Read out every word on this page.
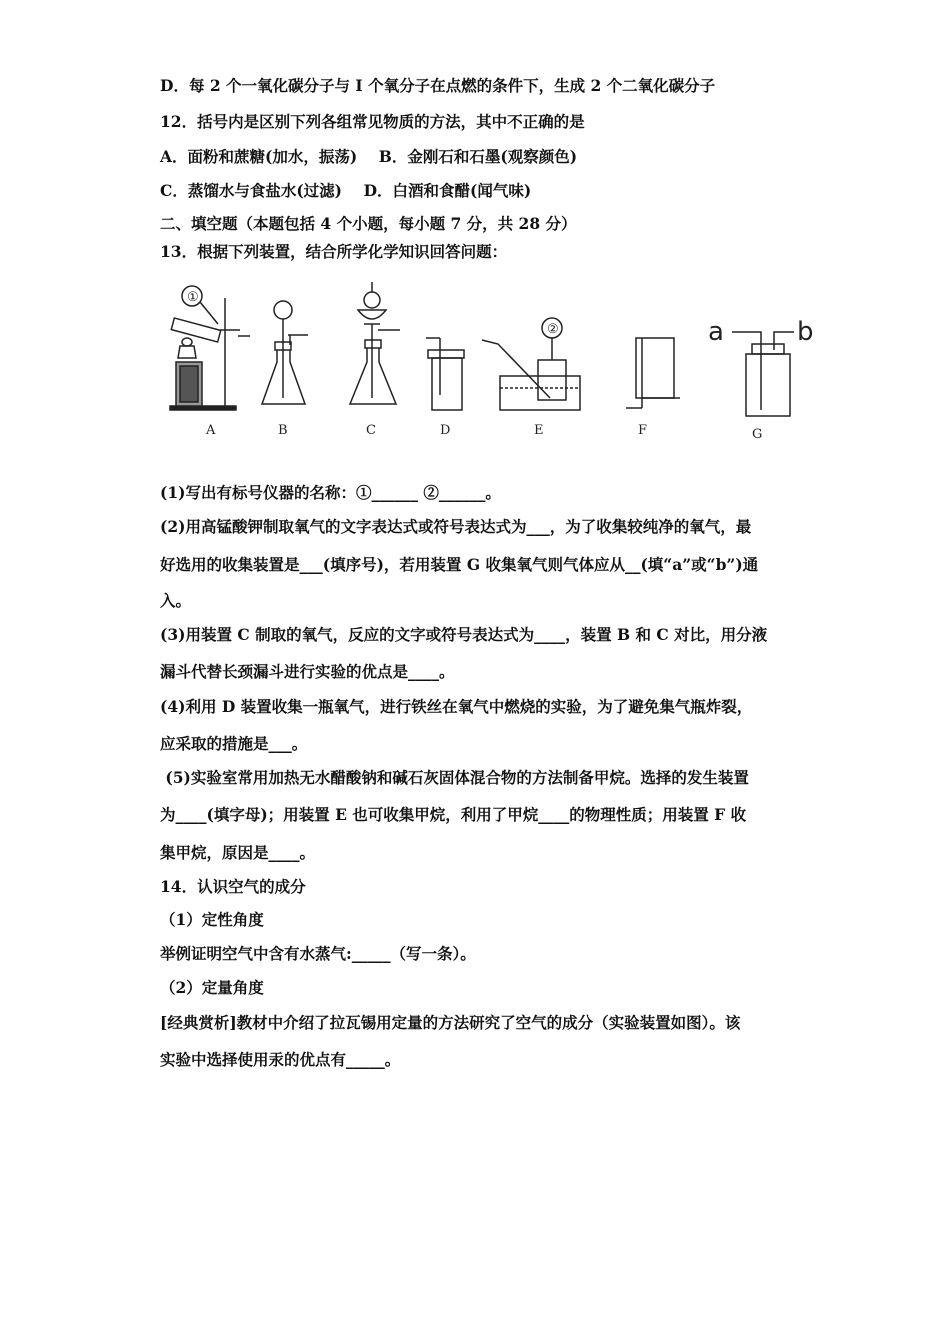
D．每 2 个一氧化碳分子与 I 个氧分子在点燃的条件下，生成 2 个二氧化碳分子
12．括号内是区别下列各组常见物质的方法，其中不正确的是
A．面粉和蔗糖(加水，振荡)    B．金刚石和石墨(观察颜色)
C．蒸馏水与食盐水(过滤)    D．白酒和食醋(闻气味)
二、填空题（本题包括 4 个小题，每小题 7 分，共 28 分）
13．根据下列装置，结合所学化学知识回答问题：
A
①
B	C	D
②
E	F
a	b
G
(1)写出有标号仪器的名称：①______ ②______。
(2)用高锰酸钾制取氧气的文字表达式或符号表达式为___，为了收集较纯净的氧气，最
好选用的收集装置是___(填序号)，若用装置 G 收集氧气则气体应从__(填“a”或“b”)通
入。
(3)用装置 C 制取的氧气，反应的文字或符号表达式为____，装置 B 和 C 对比，用分液
漏斗代替长颈漏斗进行实验的优点是____。
(4)利用 D 装置收集一瓶氧气，进行铁丝在氧气中燃烧的实验，为了避免集气瓶炸裂，
应采取的措施是___。
(5)实验室常用加热无水醋酸钠和碱石灰固体混合物的方法制备甲烷。选择的发生装置
为____(填字母)；用装置 E 也可收集甲烷，利用了甲烷____的物理性质；用装置 F 收
集甲烷，原因是____。
14．认识空气的成分
（1）定性角度
举例证明空气中含有水蒸气:_____（写一条）。
（2）定量角度
[经典赏析]教材中介绍了拉瓦锡用定量的方法研究了空气的成分（实验装置如图）。该
实验中选择使用汞的优点有_____。
